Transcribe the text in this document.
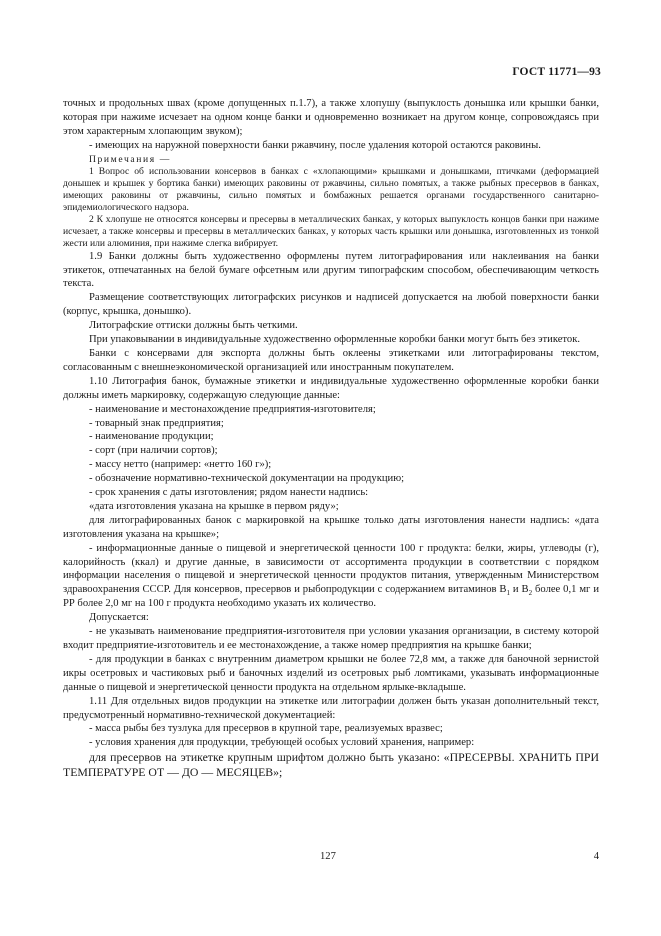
ГОСТ 11771—93

точных и продольных швах (кроме допущенных п.1.7), а также хлопушу (выпуклость донышка или крышки банки, которая при нажиме исчезает на одном конце банки и одновременно возникает на другом конце, сопровождаясь при этом характерным хлопающим звуком);

- имеющих на наружной поверхности банки ржавчину, после удаления которой остаются раковины.

Примечания —

1 Вопрос об использовании консервов в банках с «хлопающими» крышками и донышками, птичками (деформацией донышек и крышек у бортика банки) имеющих раковины от ржавчины, сильно помятых, а также рыбных пресервов в банках, имеющих раковины от ржавчины, сильно помятых и бомбажных решается органами государственного санитарно-эпидемиологического надзора.

2 К хлопуше не относятся консервы и пресервы в металлических банках, у которых выпуклость концов банки при нажиме исчезает, а также консервы и пресервы в металлических банках, у которых часть крышки или донышка, изготовленных из тонкой жести или алюминия, при нажиме слегка вибрирует.

1.9 Банки должны быть художественно оформлены путем литографирования или наклеивания на банки этикеток, отпечатанных на белой бумаге офсетным или другим типографским способом, обеспечивающим четкость текста.

Размещение соответствующих литографских рисунков и надписей допускается на любой поверхности банки (корпус, крышка, донышко).

Литографские оттиски должны быть четкими.

При упаковывании в индивидуальные художественно оформленные коробки банки могут быть без этикеток.

Банки с консервами для экспорта должны быть оклеены этикетками или литографированы текстом, согласованным с внешнеэкономической организацией или иностранным покупателем.

1.10 Литография банок, бумажные этикетки и индивидуальные художественно оформленные коробки банки должны иметь маркировку, содержащую следующие данные:

- наименование и местонахождение предприятия-изготовителя;

- товарный знак предприятия;

- наименование продукции;

- сорт (при наличии сортов);

- массу нетто (например: «нетто 160 г»);

- обозначение нормативно-технической документации на продукцию;

- срок хранения с даты изготовления; рядом нанести надпись:

«дата изготовления указана на крышке в первом ряду»;

для литографированных банок с маркировкой на крышке только даты изготовления нанести надпись: «дата изготовления указана на крышке»;

- информационные данные о пищевой и энергетической ценности 100 г продукта: белки, жиры, углеводы (г), калорийность (ккал) и другие данные, в зависимости от ассортимента продукции в соответствии с порядком информации населения о пищевой и энергетической ценности продуктов питания, утвержденным Министерством здравоохранения СССР. Для консервов, пресервов и рыбопродукции с содержанием витаминов $В_1$ и $В_2$ более 0,1 мг и РР более 2,0 мг на 100 г продукта необходимо указать их количество.

Допускается:

- не указывать наименование предприятия-изготовителя при условии указания организации, в систему которой входит предприятие-изготовитель и ее местонахождение, а также номер предприятия на крышке банки;

- для продукции в банках с внутренним диаметром крышки не более 72,8 мм, а также для баночной зернистой икры осетровых и частиковых рыб и баночных изделий из осетровых рыб ломтиками, указывать информационные данные о пищевой и энергетической ценности продукта на отдельном ярлыке-вкладыше.

1.11 Для отдельных видов продукции на этикетке или литографии должен быть указан дополнительный текст, предусмотренный нормативно-технической документацией:

- масса рыбы без тузлука для пресервов в крупной таре, реализуемых вразвес;

- условия хранения для продукции, требующей особых условий хранения, например:

для пресервов на этикетке крупным шрифтом должно быть указано: «ПРЕСЕРВЫ. ХРАНИТЬ ПРИ ТЕМПЕРАТУРЕ ОТ — ДО — МЕСЯЦЕВ»;

127	4
